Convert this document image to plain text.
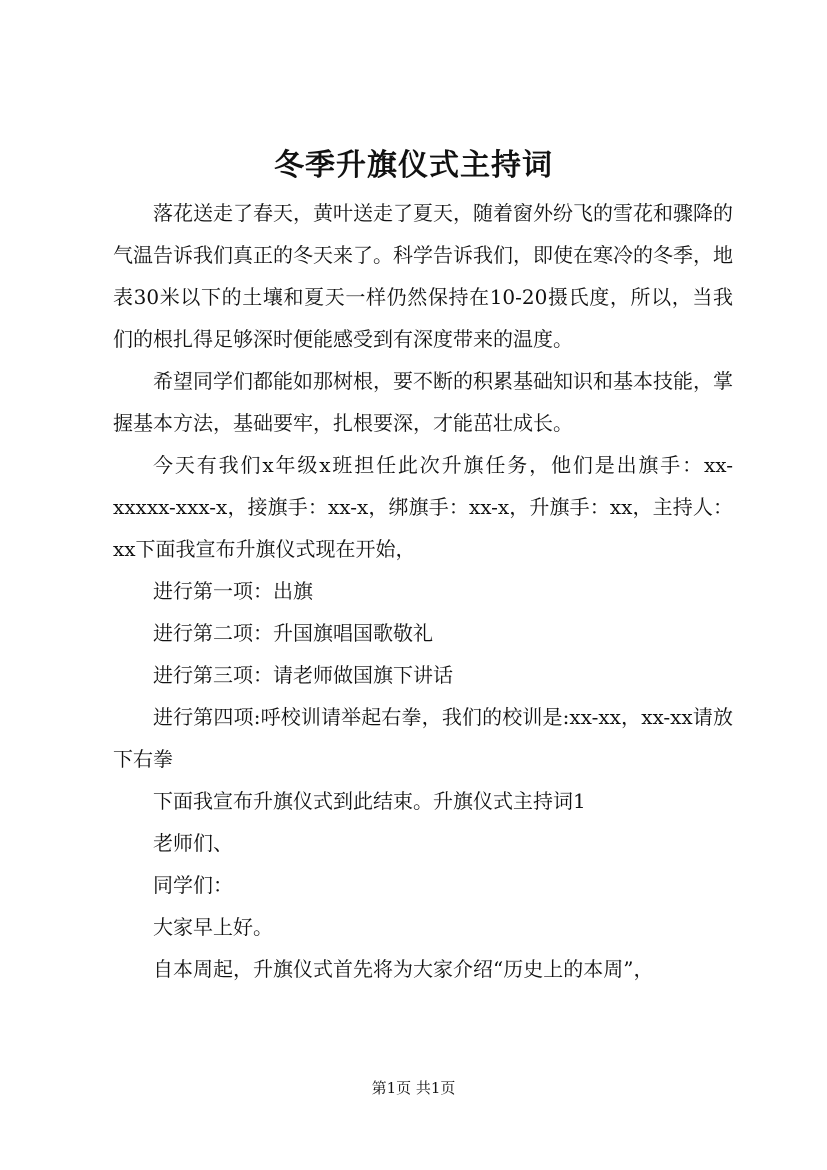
冬季升旗仪式主持词

落花送走了春天，黄叶送走了夏天，随着窗外纷飞的雪花和骤降的气温告诉我们真正的冬天来了。科学告诉我们，即使在寒冷的冬季，地表30米以下的土壤和夏天一样仍然保持在10-20摄氏度，所以，当我们的根扎得足够深时便能感受到有深度带来的温度。

希望同学们都能如那树根，要不断的积累基础知识和基本技能，掌握基本方法，基础要牢，扎根要深，才能茁壮成长。

今天有我们x年级x班担任此次升旗任务，他们是出旗手：xx-xxxxx-xxx-x，接旗手：xx-x，绑旗手：xx-x，升旗手：xx，主持人：xx下面我宣布升旗仪式现在开始，

进行第一项：出旗

进行第二项：升国旗唱国歌敬礼

进行第三项：请老师做国旗下讲话

进行第四项:呼校训请举起右拳，我们的校训是:xx-xx，xx-xx请放下右拳

下面我宣布升旗仪式到此结束。升旗仪式主持词1

老师们、

同学们：

大家早上好。

自本周起，升旗仪式首先将为大家介绍“历史上的本周”，

第1页 共1页
